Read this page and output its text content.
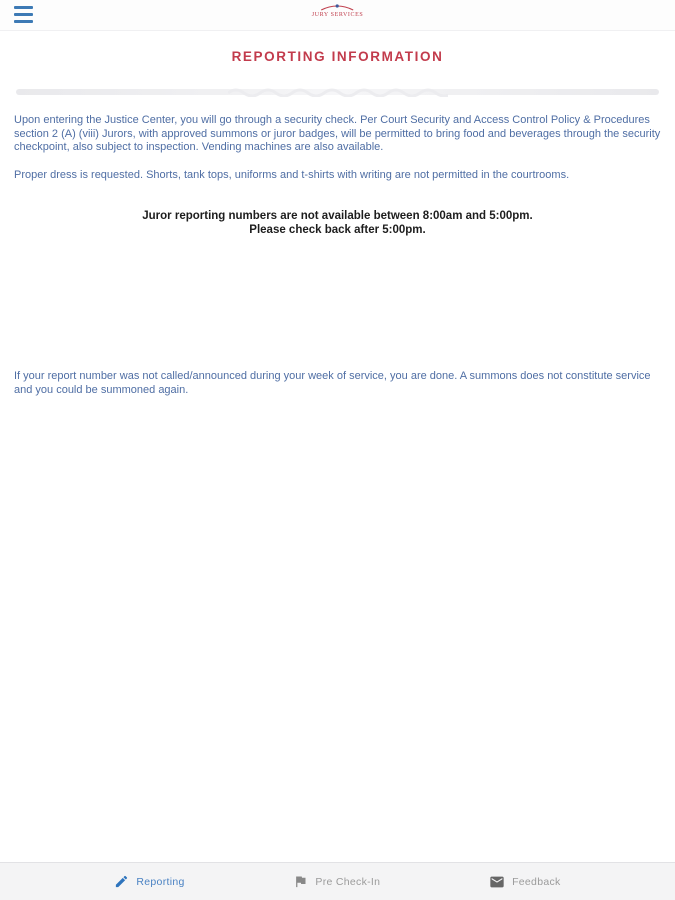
JURY SERVICES
REPORTING INFORMATION

Upon entering the Justice Center, you will go through a security check. Per Court Security and Access Control Policy & Procedures section 2 (A) (viii) Jurors, with approved summons or juror badges, will be permitted to bring food and beverages through the security checkpoint, also subject to inspection. Vending machines are also available.

Proper dress is requested. Shorts, tank tops, uniforms and t-shirts with writing are not permitted in the courtrooms.

Juror reporting numbers are not available between 8:00am and 5:00pm.
Please check back after 5:00pm.

If your report number was not called/announced during your week of service, you are done. A summons does not constitute service and you could be summoned again.

Reporting	Pre Check-In	Feedback
